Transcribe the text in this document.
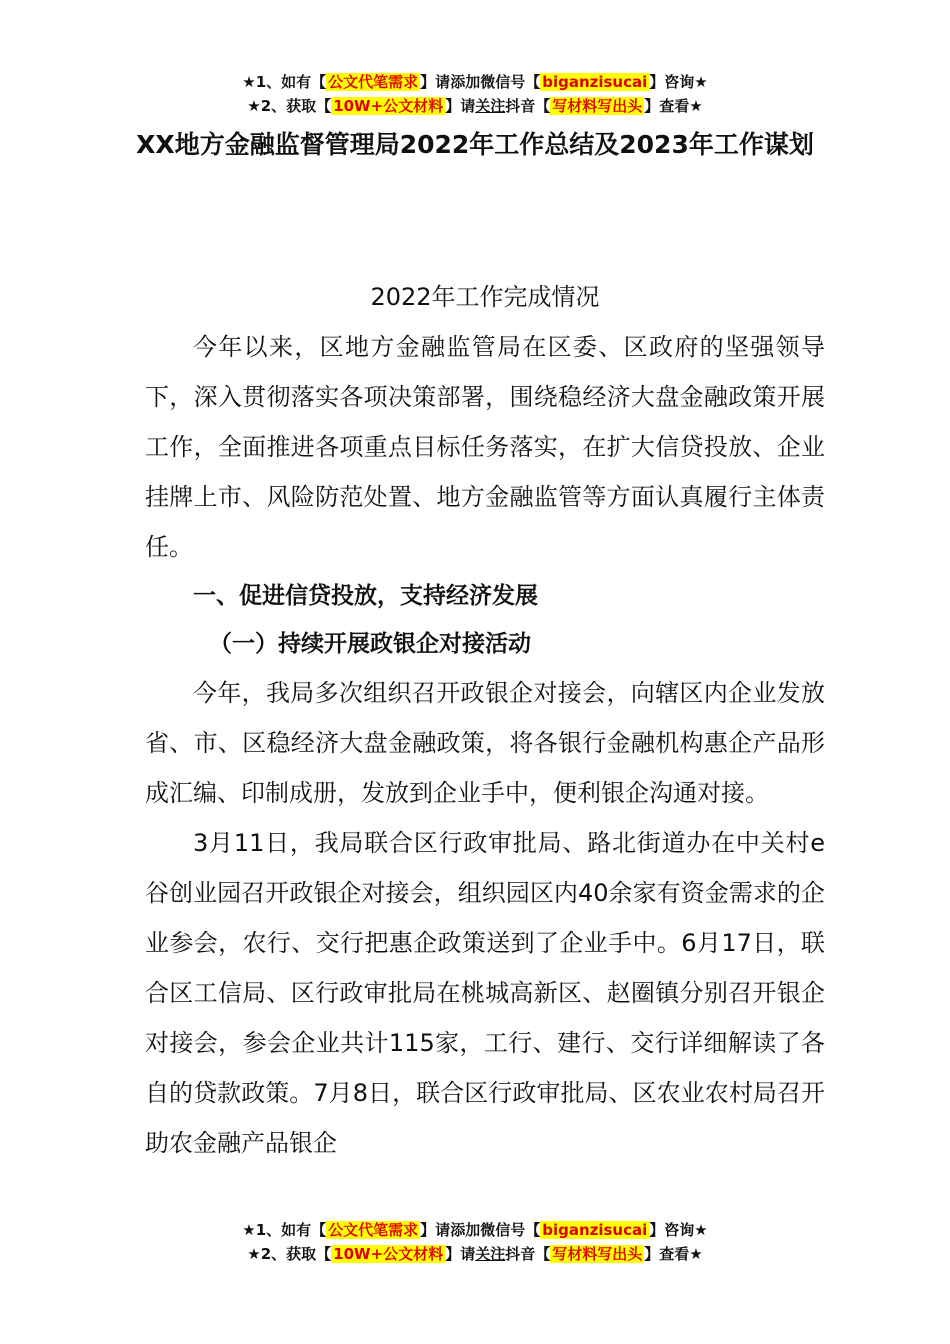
★1、如有【 公文代笔需求 】请添加微信号【 biganzisucai 】咨询★
★2、获取【 10W+公文材料 】请关注抖音【 写材料写出头 】查看★
XX地方金融监督管理局2022年工作总结及2023年工作谋划

2022年工作完成情况

今年以来，区地方金融监管局在区委、区政府的坚强领导下，深入贯彻落实各项决策部署，围绕稳经济大盘金融政策开展工作，全面推进各项重点目标任务落实，在扩大信贷投放、企业挂牌上市、风险防范处置、地方金融监管等方面认真履行主体责任。

一、促进信贷投放，支持经济发展

（一）持续开展政银企对接活动

今年，我局多次组织召开政银企对接会，向辖区内企业发放省、市、区稳经济大盘金融政策，将各银行金融机构惠企产品形成汇编、印制成册，发放到企业手中，便利银企沟通对接。

3月11日，我局联合区行政审批局、路北街道办在中关村e谷创业园召开政银企对接会，组织园区内40余家有资金需求的企业参会，农行、交行把惠企政策送到了企业手中。6月17日，联合区工信局、区行政审批局在桃城高新区、赵圈镇分别召开银企对接会，参会企业共计115家，工行、建行、交行详细解读了各自的贷款政策。7月8日，联合区行政审批局、区农业农村局召开助农金融产品银企

★1、如有【 公文代笔需求 】请添加微信号【 biganzisucai 】咨询★
★2、获取【 10W+公文材料 】请关注抖音【 写材料写出头 】查看★
